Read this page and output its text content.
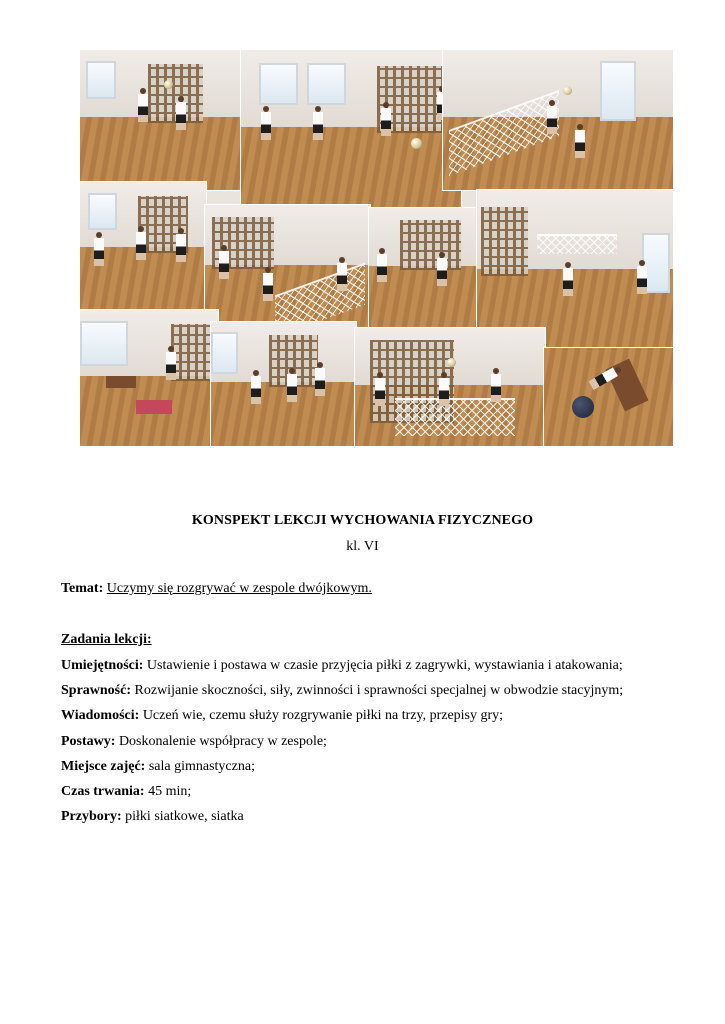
KONSPEKT LEKCJI WYCHOWANIA FIZYCZNEGO
kl. VI
Temat: Uczymy się rozgrywać w zespole dwójkowym.
Zadania lekcji:
Umiejętności: Ustawienie i postawa w czasie przyjęcia piłki z zagrywki, wystawiania i atakowania;
Sprawność: Rozwijanie skoczności, siły, zwinności i sprawności specjalnej w obwodzie stacyjnym;
Wiadomości: Uczeń wie, czemu służy rozgrywanie piłki na trzy, przepisy gry;
Postawy: Doskonalenie współpracy w zespole;
Miejsce zajęć: sala gimnastyczna;
Czas trwania: 45 min;
Przybory: piłki siatkowe, siatka
